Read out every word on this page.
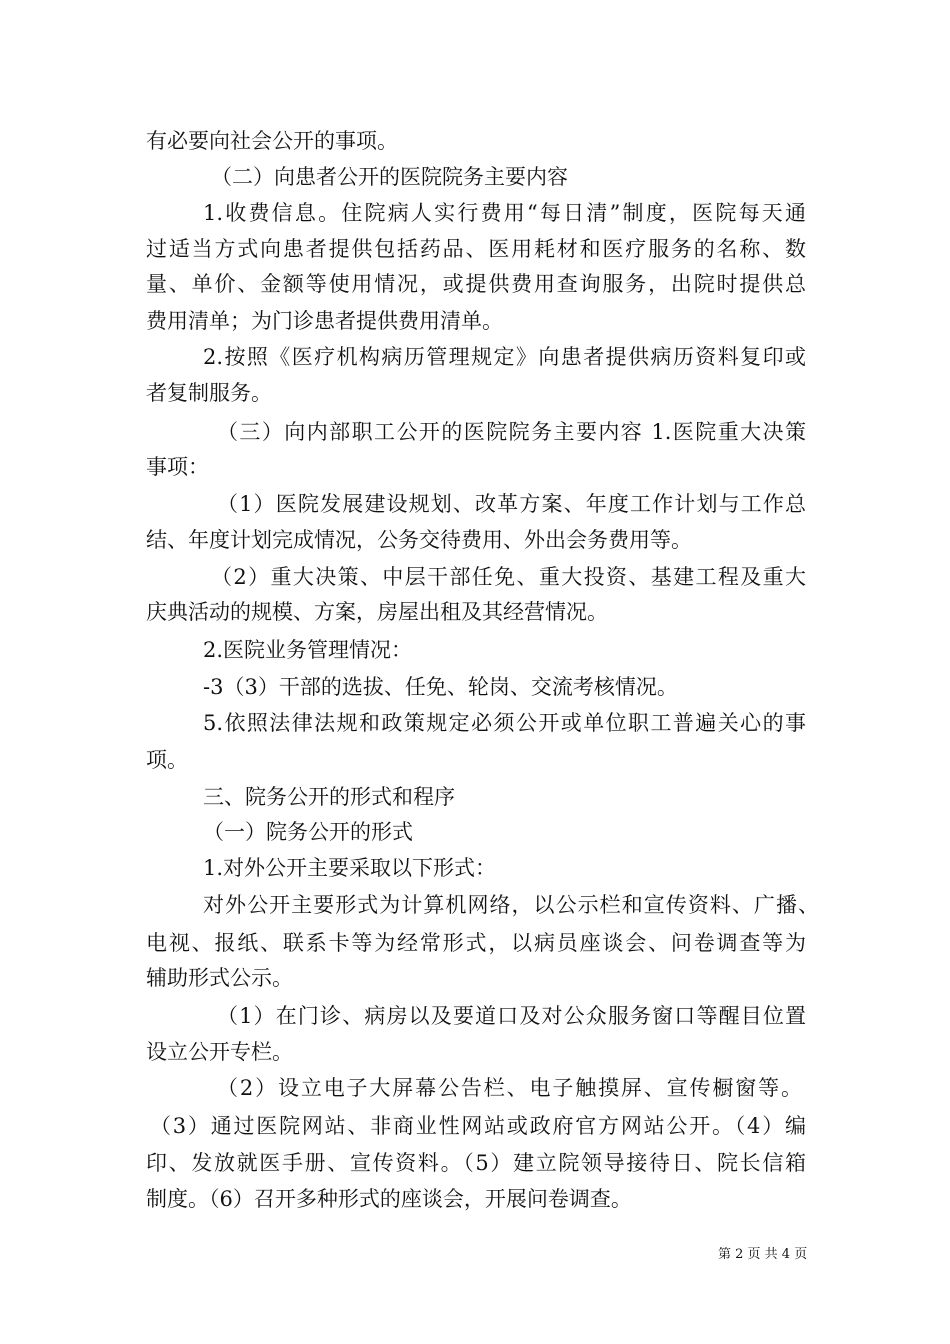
有必要向社会公开的事项。
（二）向患者公开的医院院务主要内容
1.收费信息。住院病人实行费用“每日清”制度，医院每天通
过适当方式向患者提供包括药品、医用耗材和医疗服务的名称、数
量、单价、金额等使用情况，或提供费用查询服务，出院时提供总
费用清单；为门诊患者提供费用清单。
2.按照《医疗机构病历管理规定》向患者提供病历资料复印或
者复制服务。
（三）向内部职工公开的医院院务主要内容 1.医院重大决策
事项：
（1）医院发展建设规划、改革方案、年度工作计划与工作总
结、年度计划完成情况，公务交待费用、外出会务费用等。
（2）重大决策、中层干部任免、重大投资、基建工程及重大
庆典活动的规模、方案，房屋出租及其经营情况。
2.医院业务管理情况：
-3（3）干部的选拔、任免、轮岗、交流考核情况。
5.依照法律法规和政策规定必须公开或单位职工普遍关心的事
项。
三、院务公开的形式和程序
（一）院务公开的形式
1.对外公开主要采取以下形式：
对外公开主要形式为计算机网络，以公示栏和宣传资料、广播、
电视、报纸、联系卡等为经常形式，以病员座谈会、问卷调查等为
辅助形式公示。
（1）在门诊、病房以及要道口及对公众服务窗口等醒目位置
设立公开专栏。
（2）设立电子大屏幕公告栏、电子触摸屏、宣传橱窗等。
（3）通过医院网站、非商业性网站或政府官方网站公开。（4）编
印、发放就医手册、宣传资料。（5）建立院领导接待日、院长信箱
制度。（6）召开多种形式的座谈会，开展问卷调查。
第 2 页 共 4 页
